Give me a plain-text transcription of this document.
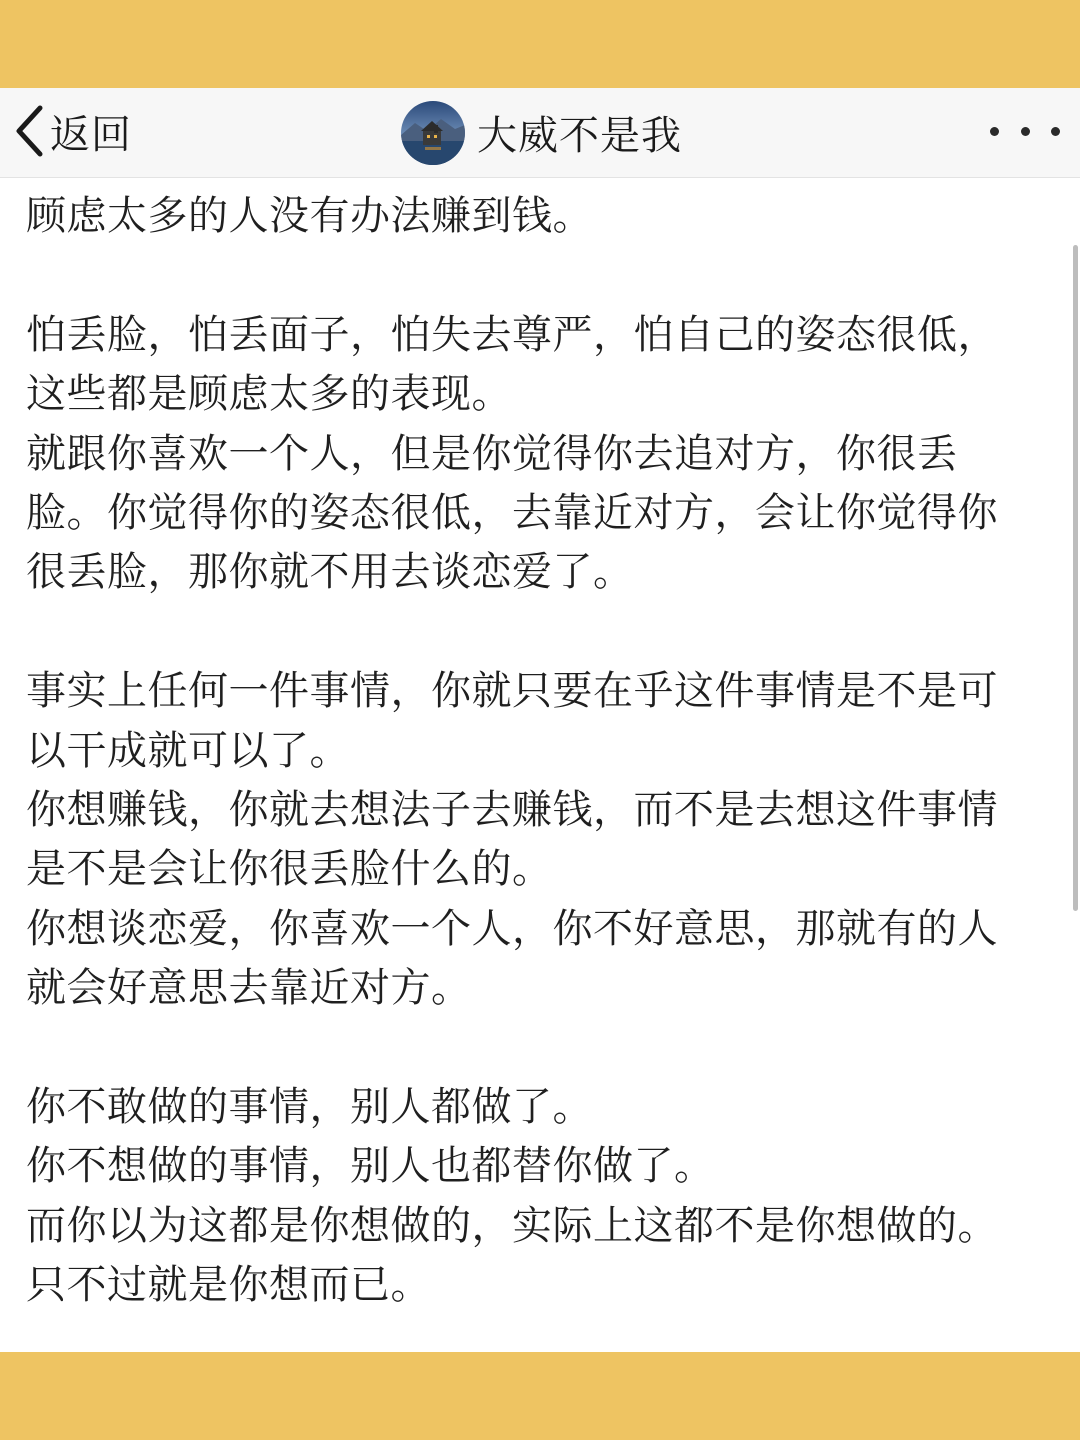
返回	大威不是我

顾虑太多的人没有办法赚到钱。

怕丢脸，怕丢面子，怕失去尊严，怕自己的姿态很低，

这些都是顾虑太多的表现。

就跟你喜欢一个人，但是你觉得你去追对方，你很丢

脸。你觉得你的姿态很低，去靠近对方，会让你觉得你

很丢脸，那你就不用去谈恋爱了。

事实上任何一件事情，你就只要在乎这件事情是不是可

以干成就可以了。

你想赚钱，你就去想法子去赚钱，而不是去想这件事情

是不是会让你很丢脸什么的。

你想谈恋爱，你喜欢一个人，你不好意思，那就有的人

就会好意思去靠近对方。

你不敢做的事情，别人都做了。

你不想做的事情，别人也都替你做了。

而你以为这都是你想做的，实际上这都不是你想做的。

只不过就是你想而已。
